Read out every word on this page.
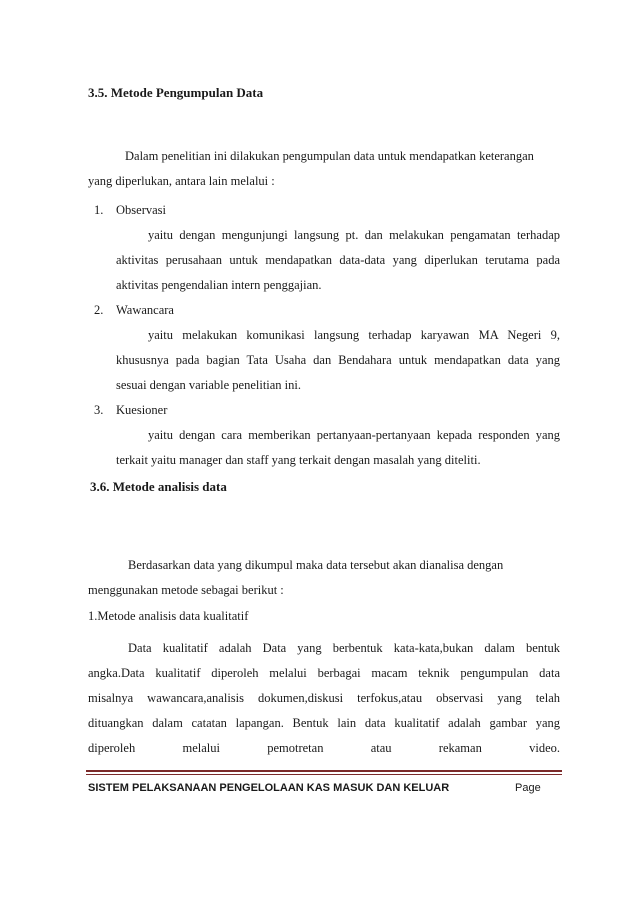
3.5. Metode Pengumpulan Data
Dalam penelitian ini dilakukan pengumpulan data untuk mendapatkan keterangan
yang diperlukan, antara lain melalui :
1. Observasi
yaitu dengan mengunjungi langsung pt. dan melakukan pengamatan terhadap
aktivitas perusahaan untuk mendapatkan data-data yang diperlukan terutama pada
aktivitas pengendalian intern penggajian.
2. Wawancara
yaitu melakukan komunikasi langsung terhadap karyawan MA Negeri 9,
khususnya pada bagian Tata Usaha dan Bendahara untuk mendapatkan data yang
sesuai dengan variable penelitian ini.
3. Kuesioner
yaitu dengan cara memberikan pertanyaan-pertanyaan kepada responden yang
terkait yaitu manager dan staff yang terkait dengan masalah yang diteliti.
3.6. Metode analisis data
Berdasarkan data yang dikumpul maka data tersebut akan dianalisa dengan
menggunakan metode sebagai berikut :
1.Metode analisis data kualitatif
Data kualitatif adalah Data yang berbentuk kata-kata,bukan dalam bentuk
angka.Data kualitatif diperoleh melalui berbagai macam teknik pengumpulan data
misalnya wawancara,analisis dokumen,diskusi terfokus,atau observasi yang telah
dituangkan dalam catatan lapangan. Bentuk lain data kualitatif adalah gambar yang
diperoleh melalui pemotretan atau rekaman video.
SISTEM PELAKSANAAN PENGELOLAAN KAS MASUK DAN KELUAR	Page
